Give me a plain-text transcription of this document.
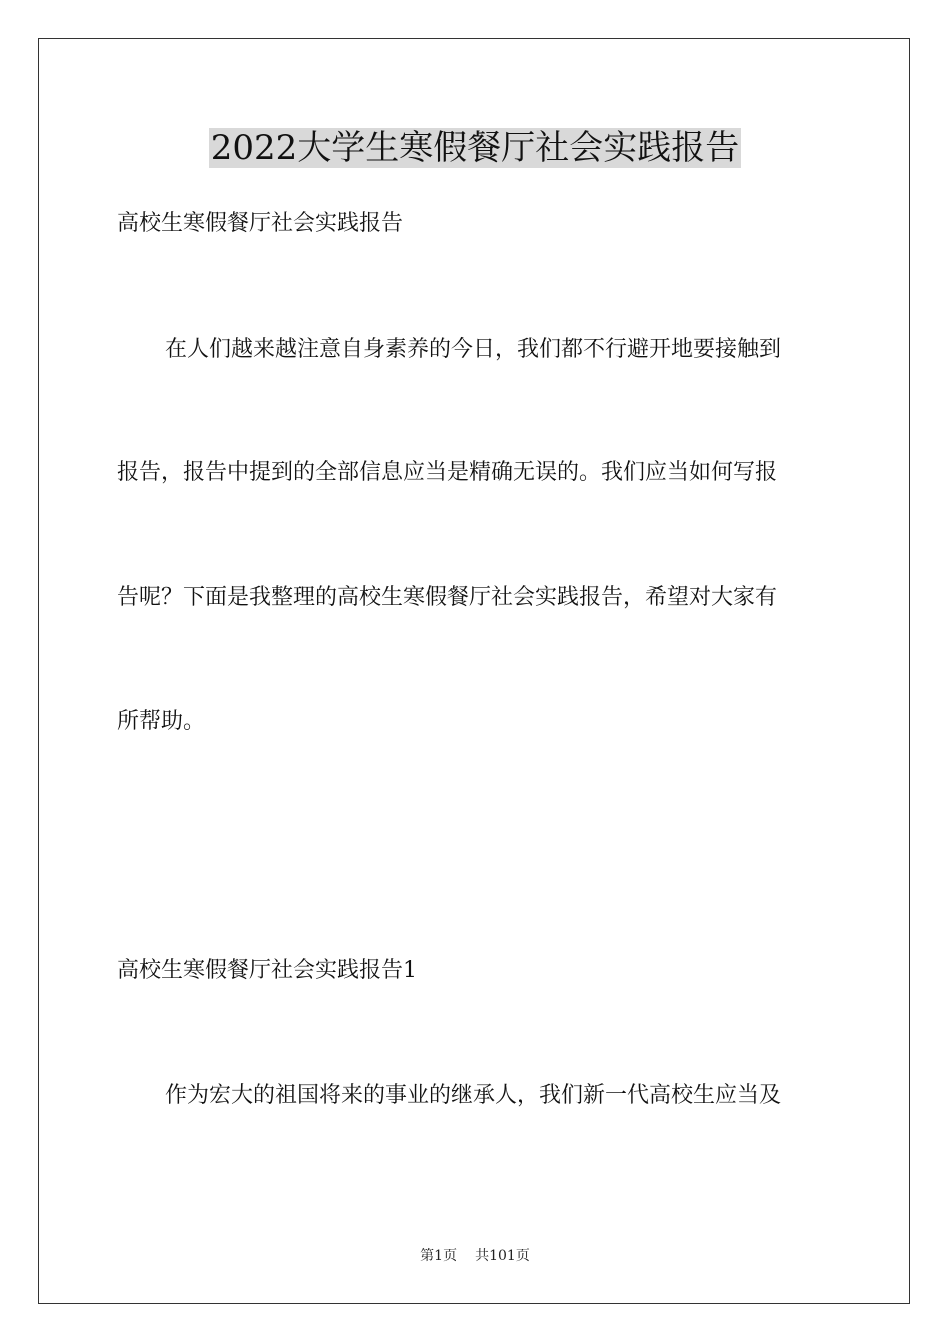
2022大学生寒假餐厅社会实践报告
高校生寒假餐厅社会实践报告
在人们越来越注意自身素养的今日，我们都不行避开地要接触到
报告，报告中提到的全部信息应当是精确无误的。我们应当如何写报
告呢？下面是我整理的高校生寒假餐厅社会实践报告，希望对大家有
所帮助。
高校生寒假餐厅社会实践报告1
作为宏大的祖国将来的事业的继承人，我们新一代高校生应当及
第1页 共101页
